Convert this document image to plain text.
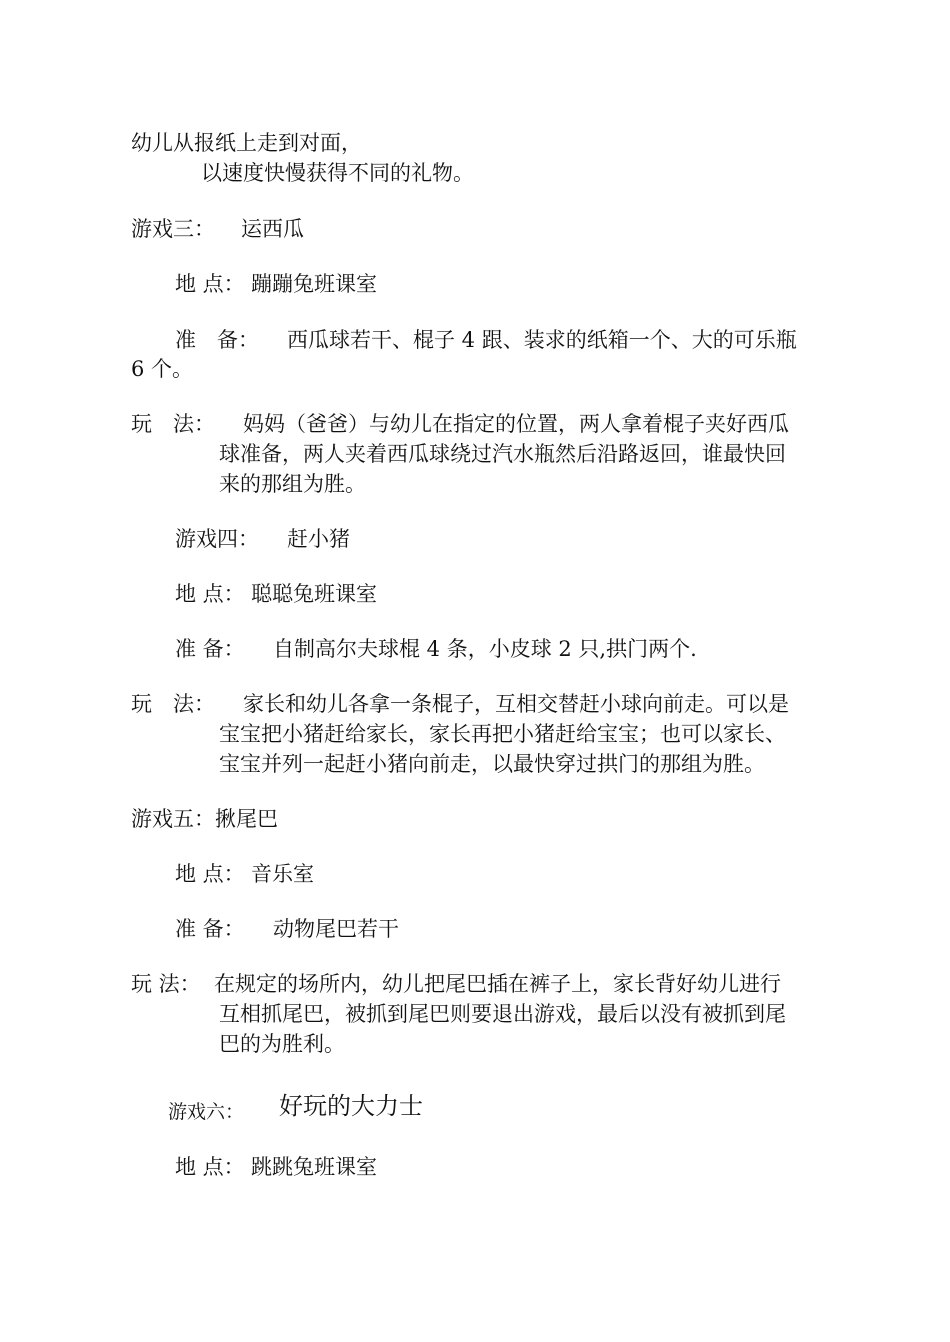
幼儿从报纸上走到对面，
以速度快慢获得不同的礼物。
游戏三： 运西瓜
地 点： 蹦蹦兔班课室
准　备： 西瓜球若干、棍子 4 跟、装求的纸箱一个、大的可乐瓶
6 个。
玩　法： 妈妈（爸爸）与幼儿在指定的位置，两人拿着棍子夹好西瓜
球准备，两人夹着西瓜球绕过汽水瓶然后沿路返回，谁最快回
来的那组为胜。
游戏四： 赶小猪
地 点： 聪聪兔班课室
准 备： 自制高尔夫球棍 4 条，小皮球 2 只,拱门两个.
玩　法： 家长和幼儿各拿一条棍子，互相交替赶小球向前走。可以是
宝宝把小猪赶给家长，家长再把小猪赶给宝宝；也可以家长、
宝宝并列一起赶小猪向前走，以最快穿过拱门的那组为胜。
游戏五：揪尾巴
地 点： 音乐室
准 备： 动物尾巴若干
玩 法： 在规定的场所内，幼儿把尾巴插在裤子上，家长背好幼儿进行
互相抓尾巴，被抓到尾巴则要退出游戏，最后以没有被抓到尾
巴的为胜利。
游戏六： 好玩的大力士
地 点： 跳跳兔班课室
